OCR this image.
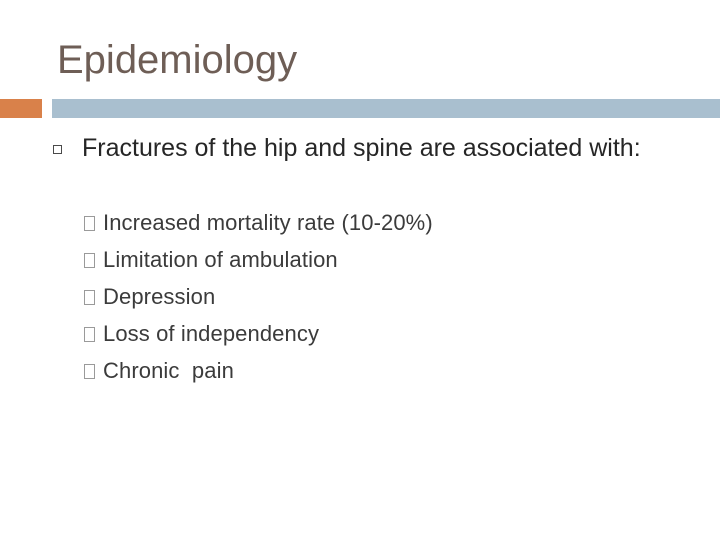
Epidemiology
Fractures of the hip and spine are associated with:
Increased mortality rate (10-20%)
Limitation of ambulation
Depression
Loss of independency
Chronic  pain
